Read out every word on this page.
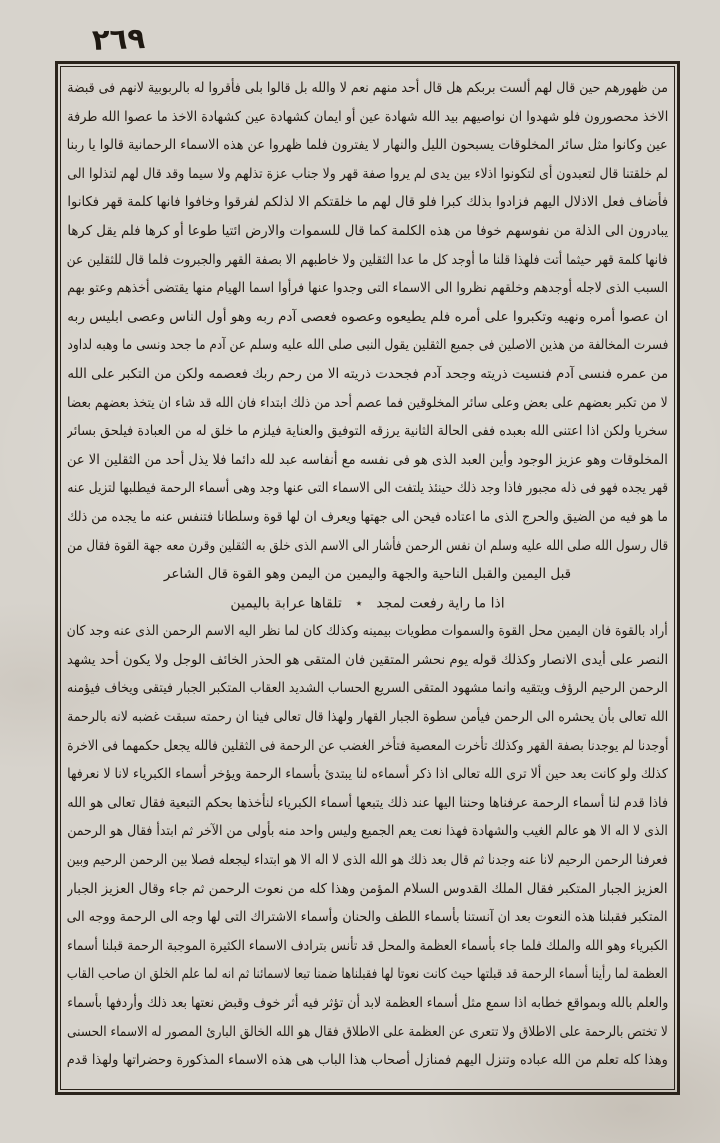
٢٦٩
من ظهورهم حين قال لهم ألست بربكم هل قال أحد منهم نعم لا والله بل قالوا بلى فأقروا له بالربوبية لانهم فى قبضة
الاخذ محصورون فلو شهدوا ان نواصيهم بيد الله شهادة عين أو ايمان كشهادة عين كشهادة الاخذ ما عصوا الله طرفة
عين وكانوا مثل سائر المخلوقات يسبحون الليل والنهار لا يفترون فلما ظهروا عن هذه الاسماء الرحمانية قالوا يا ربنا
لم خلقتنا قال لتعبدون أى لتكونوا اذلاء بين يدى لم يروا صفة قهر ولا جناب عزة تذلهم ولا سيما وقد قال لهم لتذلوا الى
فأضاف فعل الاذلال اليهم فزادوا بذلك كبرا فلو قال لهم ما خلقتكم الا لذلكم لفرقوا وخافوا فانها كلمة قهر فكانوا
يبادرون الى الذلة من نفوسهم خوفا من هذه الكلمة كما قال للسموات والارض ائتيا طوعا أو كرها فلم يقل كرها
فانها كلمة قهر حيثما أتت فلهذا قلنا ما أوجد كل ما عدا الثقلين ولا خاطبهم الا بصفة القهر والجبروت فلما قال للثقلين عن
السبب الذى لاجله أوجدهم وخلقهم نظروا الى الاسماء التى وجدوا عنها فرأوا اسما الهيام منها يقتضى أخذهم وعتو بهم
ان عصوا أمره ونهيه وتكبروا على أمره فلم يطيعوه وعصوه فعصى آدم ربه وهو أول الناس وعصى ابليس ربه
فسرت المخالفة من هذين الاصلين فى جميع الثقلين يقول النبى صلى الله عليه وسلم عن آدم ما جحد ونسى ما وهبه لداود
من عمره فنسى آدم فنسيت ذريته وجحد آدم فجحدت ذريته الا من رحم ربك فعصمه ولكن من التكبر على الله
لا من تكبر بعضهم على بعض وعلى سائر المخلوقين فما عصم أحد من ذلك ابتداء فان الله قد شاء ان يتخذ بعضهم بعضا
سخريا ولكن اذا اعتنى الله بعبده ففى الحالة الثانية يرزقه التوفيق والعناية فيلزم ما خلق له من العبادة فيلحق بسائر
المخلوقات وهو عزيز الوجود وأين العبد الذى هو فى نفسه مع أنفاسه عبد لله دائما فلا يذل أحد من الثقلين الا عن
قهر يجده فهو فى ذله مجبور فاذا وجد ذلك حينئذ يلتفت الى الاسماء التى عنها وجد وهى أسماء الرحمة فيطلبها لتزيل عنه
ما هو فيه من الضيق والحرج الذى ما اعتاده فيحن الى جهتها ويعرف ان لها قوة وسلطانا فتنفس عنه ما يجده من ذلك
قال رسول الله صلى الله عليه وسلم ان نفس الرحمن فأشار الى الاسم الذى خلق به الثقلين وقرن معه جهة القوة فقال من
قبل اليمين والقبل الناحية والجهة واليمين من اليمن وهو القوة قال الشاعر
اذا ما راية رفعت لمجد٭تلقاها عرابة باليمين
أراد بالقوة فان اليمين محل القوة والسموات مطويات بيمينه وكذلك كان لما نظر اليه الاسم الرحمن الذى عنه وجد كان
النصر على أيدى الانصار وكذلك قوله يوم نحشر المتقين فان المتقى هو الحذر الخائف الوجل ولا يكون أحد يشهد
الرحمن الرحيم الرؤف ويتقيه وانما مشهود المتقى السريع الحساب الشديد العقاب المتكبر الجبار فيتقى ويخاف فيؤمنه
الله تعالى بأن يحشره الى الرحمن فيأمن سطوة الجبار القهار ولهذا قال تعالى فينا ان رحمته سبقت غضبه لانه بالرحمة
أوجدنا لم يوجدنا بصفة القهر وكذلك تأخرت المعصية فتأخر الغضب عن الرحمة فى الثقلين فالله يجعل حكمهما فى الاخرة
كذلك ولو كانت بعد حين ألا ترى الله تعالى اذا ذكر أسماءه لنا يبتدئ بأسماء الرحمة ويؤخر أسماء الكبرياء لانا لا نعرفها
فاذا قدم لنا أسماء الرحمة عرفناها وحننا اليها عند ذلك يتبعها أسماء الكبرياء لنأخذها بحكم التبعية فقال تعالى هو الله
الذى لا اله الا هو عالم الغيب والشهادة فهذا نعت يعم الجميع وليس واحد منه بأولى من الآخر ثم ابتدأ فقال هو الرحمن
فعرفنا الرحمن الرحيم لانا عنه وجدنا ثم قال بعد ذلك هو الله الذى لا اله الا هو ابتداء ليجعله فصلا بين الرحمن الرحيم وبين
العزيز الجبار المتكبر فقال الملك القدوس السلام المؤمن وهذا كله من نعوت الرحمن ثم جاء وقال العزيز الجبار
المتكبر فقبلنا هذه النعوت بعد ان آنستنا بأسماء اللطف والحنان وأسماء الاشتراك التى لها وجه الى الرحمة ووجه الى
الكبرياء وهو الله والملك فلما جاء بأسماء العظمة والمحل قد تأنس بترادف الاسماء الكثيرة الموجبة الرحمة قبلنا أسماء
العظمة لما رأينا أسماء الرحمة قد قبلتها حيث كانت نعوتا لها فقبلناها ضمنا تبعا لاسمائنا ثم انه لما علم الخلق ان صاحب القاب
والعلم بالله وبمواقع خطابه اذا سمع مثل أسماء العظمة لابد أن تؤثر فيه أثر خوف وقبض نعتها بعد ذلك وأردفها بأسماء
لا تختص بالرحمة على الاطلاق ولا تتعرى عن العظمة على الاطلاق فقال هو الله الخالق البارئ المصور له الاسماء الحسنى
وهذا كله تعلم من الله عباده وتنزل اليهم فمنازل أصحاب هذا الباب هى هذه الاسماء المذكورة وحضراتها ولهذا قدم
